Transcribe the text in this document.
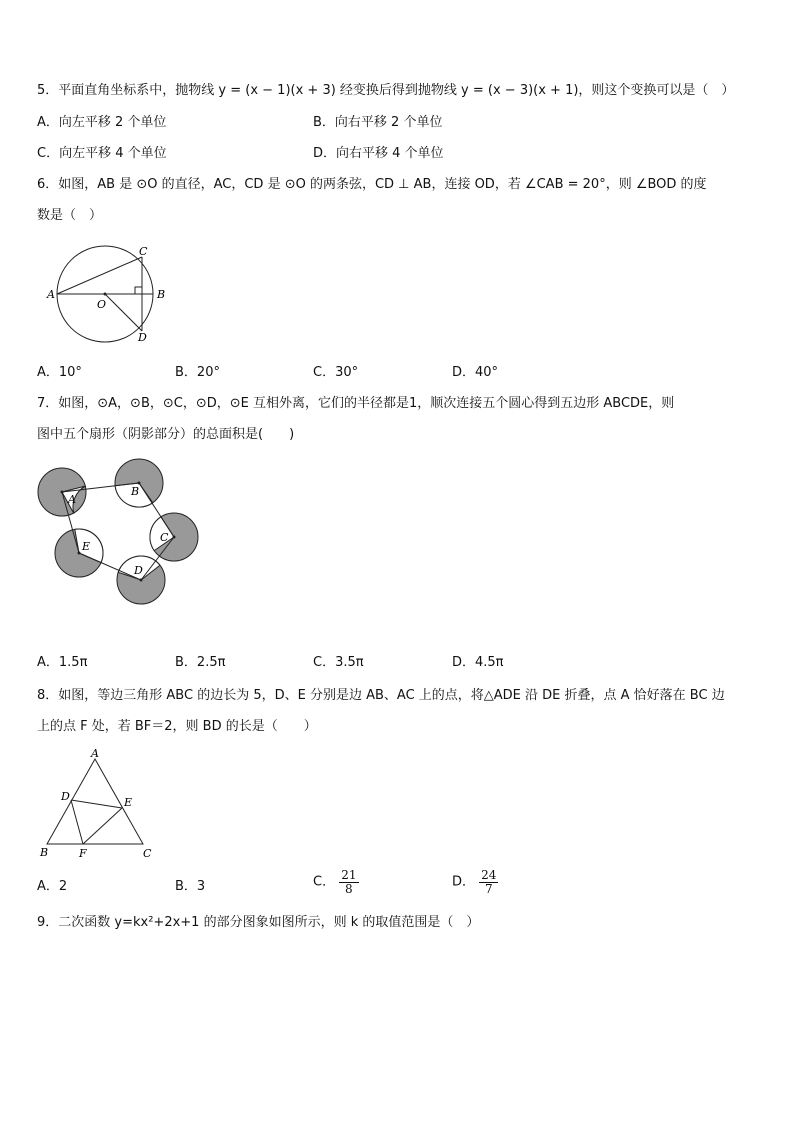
5．平面直角坐标系中，抛物线 y = (x − 1)(x + 3) 经变换后得到抛物线 y = (x − 3)(x + 1)，则这个变换可以是（　）
A．向左平移 2 个单位	B．向右平移 2 个单位
C．向左平移 4 个单位	D．向右平移 4 个单位
6．如图，AB 是 ⊙O 的直径，AC，CD 是 ⊙O 的两条弦，CD ⊥ AB，连接 OD，若 ∠CAB = 20°，则 ∠BOD 的度
数是（　）
A	B
C
D
O
A．10°	B．20°	C．30°	D．40°
7．如图，⊙A，⊙B，⊙C，⊙D，⊙E 互相外离，它们的半径都是1，顺次连接五个圆心得到五边形 ABCDE，则
图中五个扇形（阴影部分）的总面积是(　　)
A
B
C
D
E
A．1.5π	B．2.5π	C．3.5π	D．4.5π
8．如图，等边三角形 ABC 的边长为 5，D、E 分别是边 AB、AC 上的点，将△ADE 沿 DE 折叠，点 A 恰好落在 BC 边
上的点 F 处，若 BF＝2，则 BD 的长是（　　）
A
B	C
D	E
F
A．2	B．3	C． $\frac{21}{8}$	D． $\frac{24}{7}$
9．二次函数 y=kx²+2x+1 的部分图象如图所示，则 k 的取值范围是（　）
